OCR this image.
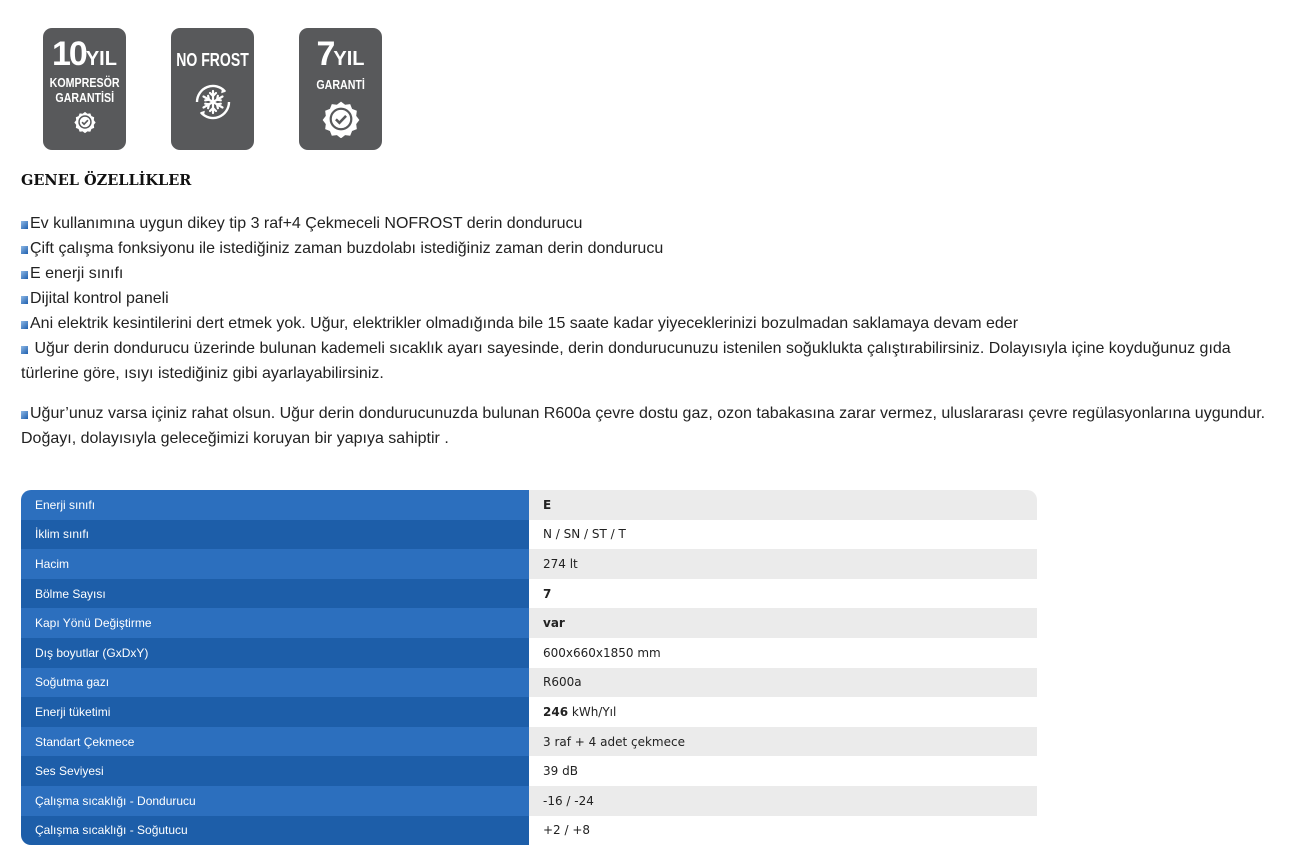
10YIL
KOMPRESÖR
GARANTİSİ
NO FROST 7YIL
GARANTİ
GENEL ÖZELLİKLER

Ev kullanımına uygun dikey tip 3 raf+4 Çekmeceli NOFROST derin dondurucu

Çift çalışma fonksiyonu ile istediğiniz zaman buzdolabı istediğiniz zaman derin dondurucu

E enerji sınıfı

Dijital kontrol paneli

Ani elektrik kesintilerini dert etmek yok. Uğur, elektrikler olmadığında bile 15 saate kadar yiyeceklerinizi bozulmadan saklamaya devam eder

Uğur derin dondurucu üzerinde bulunan kademeli sıcaklık ayarı sayesinde, derin dondurucunuzu istenilen soğuklukta çalıştırabilirsiniz. Dolayısıyla içine koyduğunuz gıda türlerine göre, ısıyı istediğiniz gibi ayarlayabilirsiniz.

Uğur’unuz varsa içiniz rahat olsun. Uğur derin dondurucunuzda bulunan R600a çevre dostu gaz, ozon tabakasına zarar vermez, uluslararası çevre regülasyonlarına uygundur. Doğayı, dolayısıyla geleceğimizi koruyan bir yapıya sahiptir .

Enerji sınıfı	E
İklim sınıfı	N / SN / ST / T
Hacim	274 lt
Bölme Sayısı	7
Kapı Yönü Değiştirme	var
Dış boyutlar (GxDxY)	600x660x1850 mm
Soğutma gazı	R600a
Enerji tüketimi	246 kWh/Yıl
Standart Çekmece	3 raf + 4 adet çekmece
Ses Seviyesi	39 dB
Çalışma sıcaklığı - Dondurucu	-16 / -24
Çalışma sıcaklığı - Soğutucu	+2 / +8
